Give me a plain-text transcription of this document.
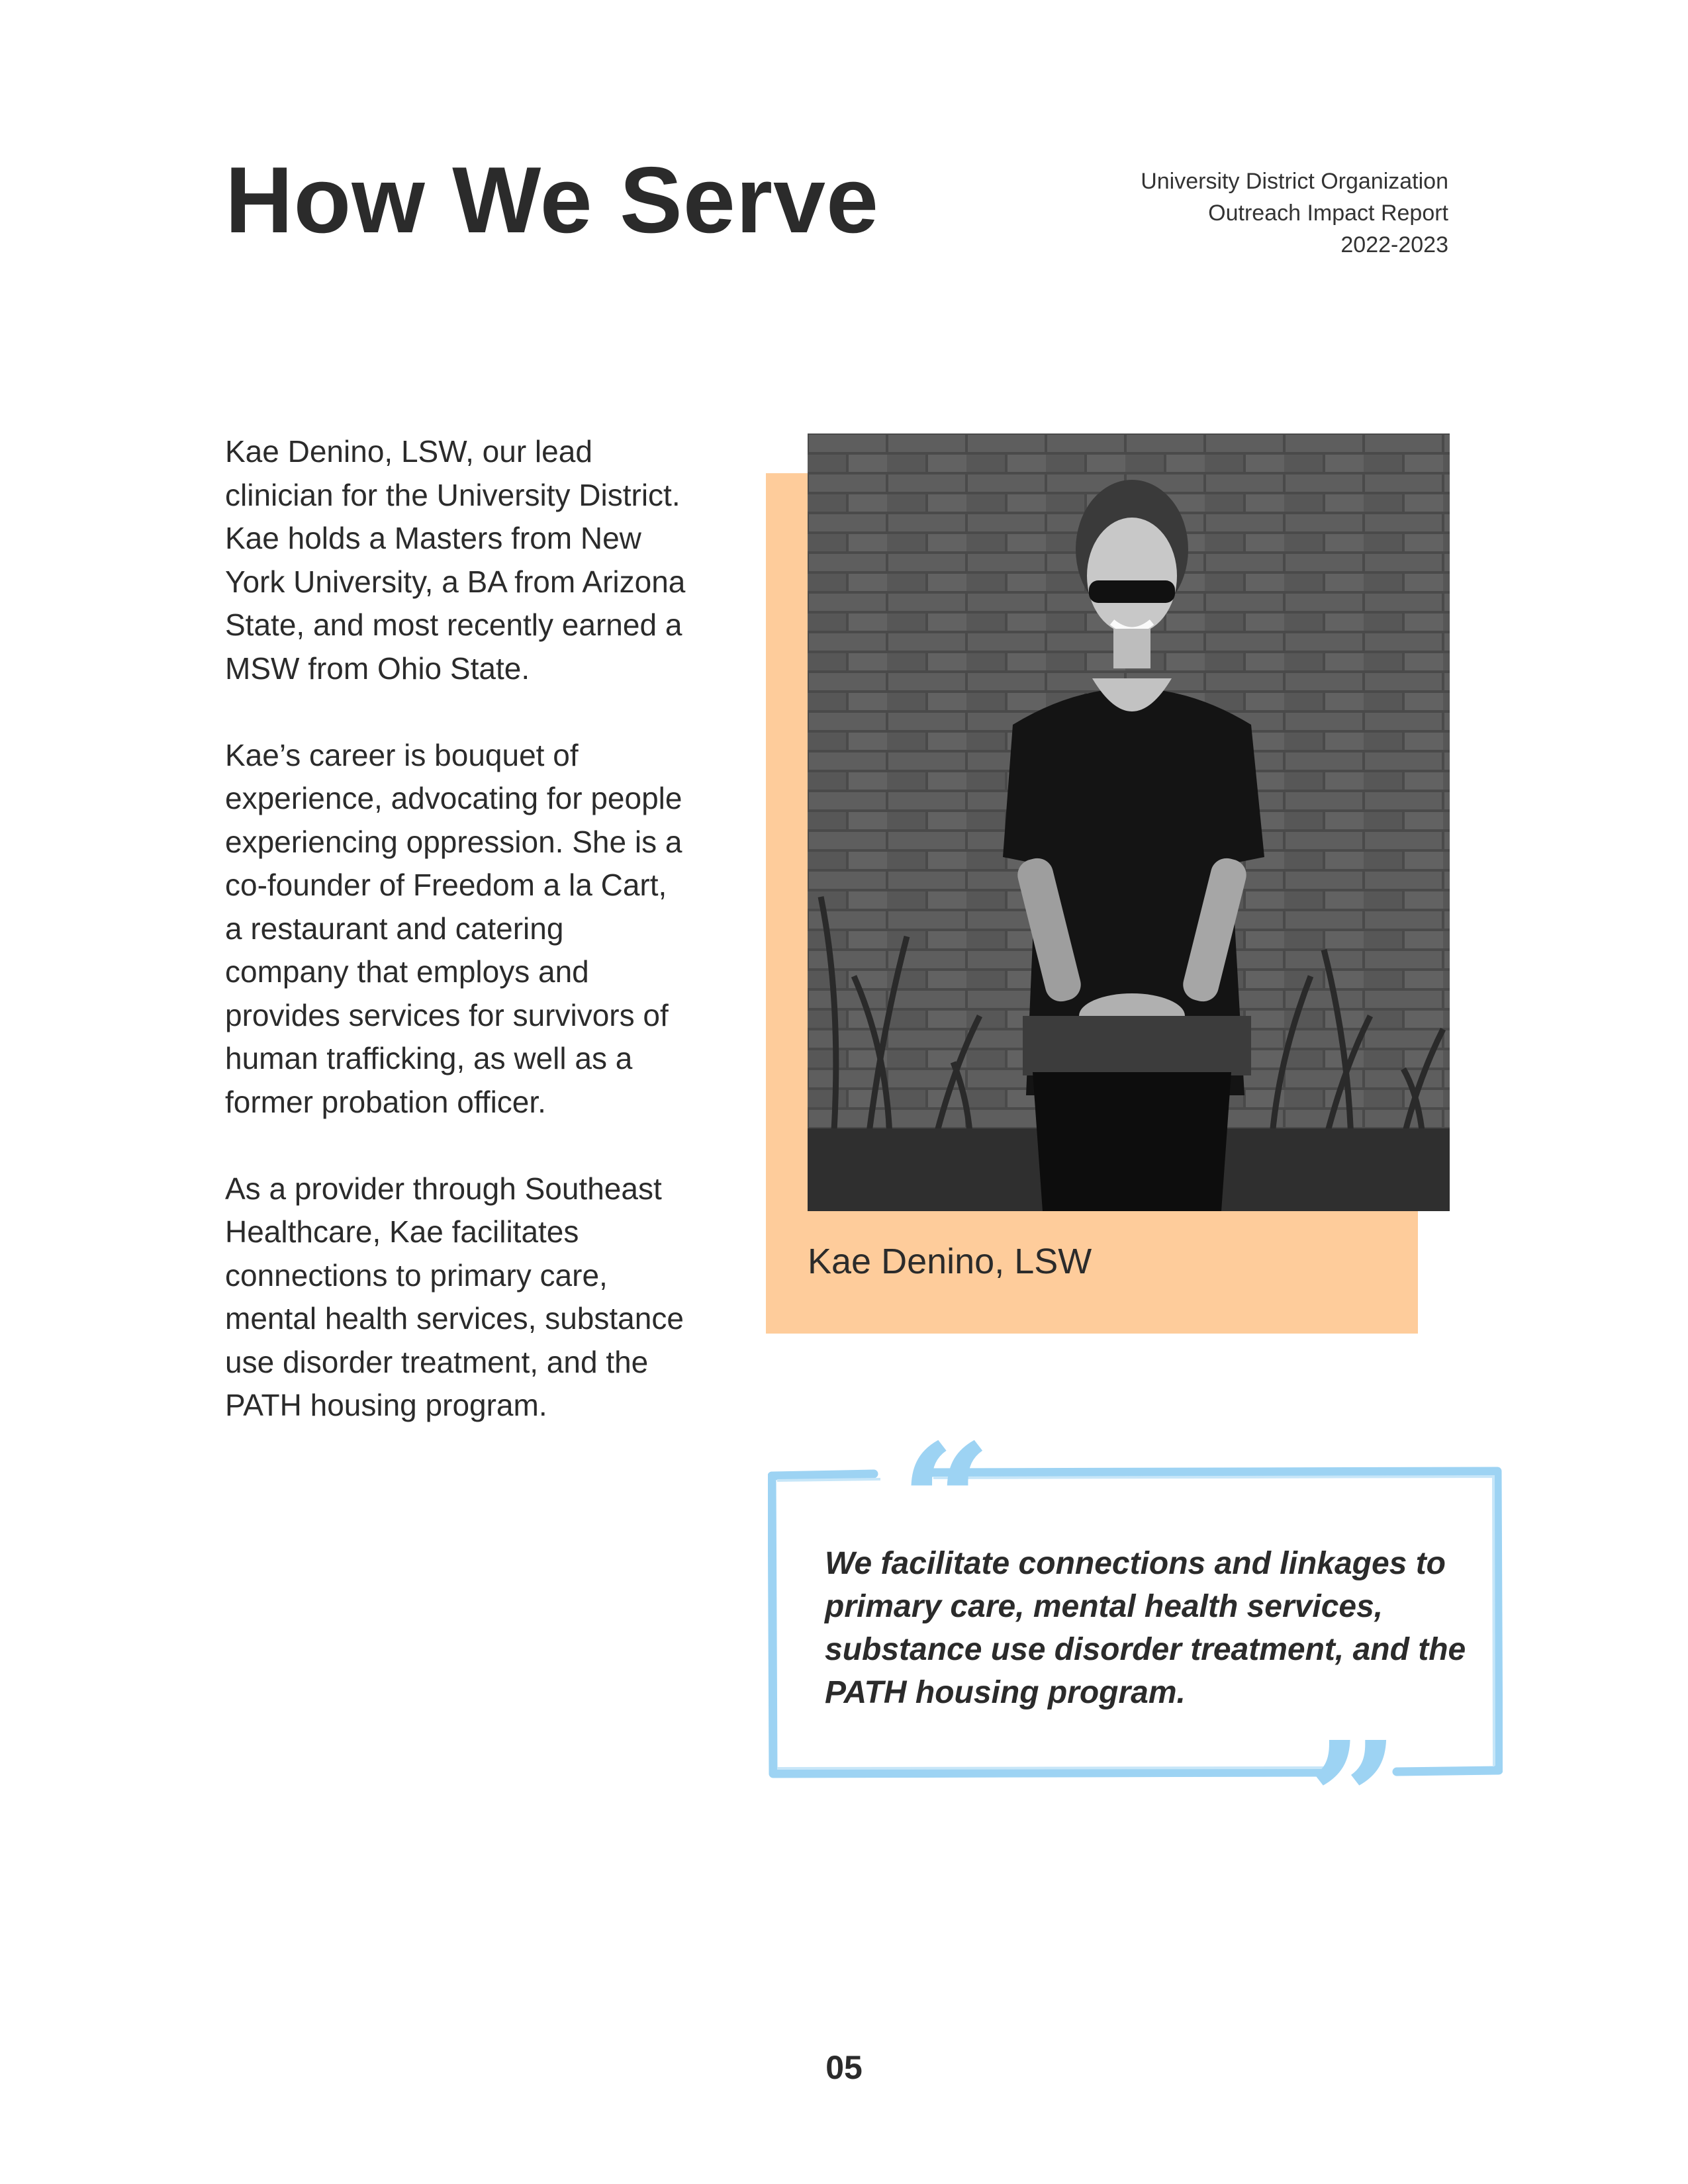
How We Serve	University District Organization
Outreach Impact Report
2022-2023

Kae Denino, LSW, our lead clinician for the University District. Kae holds a Masters from New York University, a BA from Arizona State, and most recently earned a MSW from Ohio State.

Kae’s career is bouquet of experience, advocating for people experiencing oppression. She is a co-founder of Freedom a la Cart, a restaurant and catering company that employs and provides services for survivors of human trafficking, as well as a former probation officer.

As a provider through Southeast Healthcare, Kae facilitates connections to primary care, mental health services, substance use disorder treatment, and the PATH housing program.

Kae Denino, LSW
“
”
We facilitate connections and linkages to primary care, mental health services, substance use disorder treatment, and the PATH housing program.
05
